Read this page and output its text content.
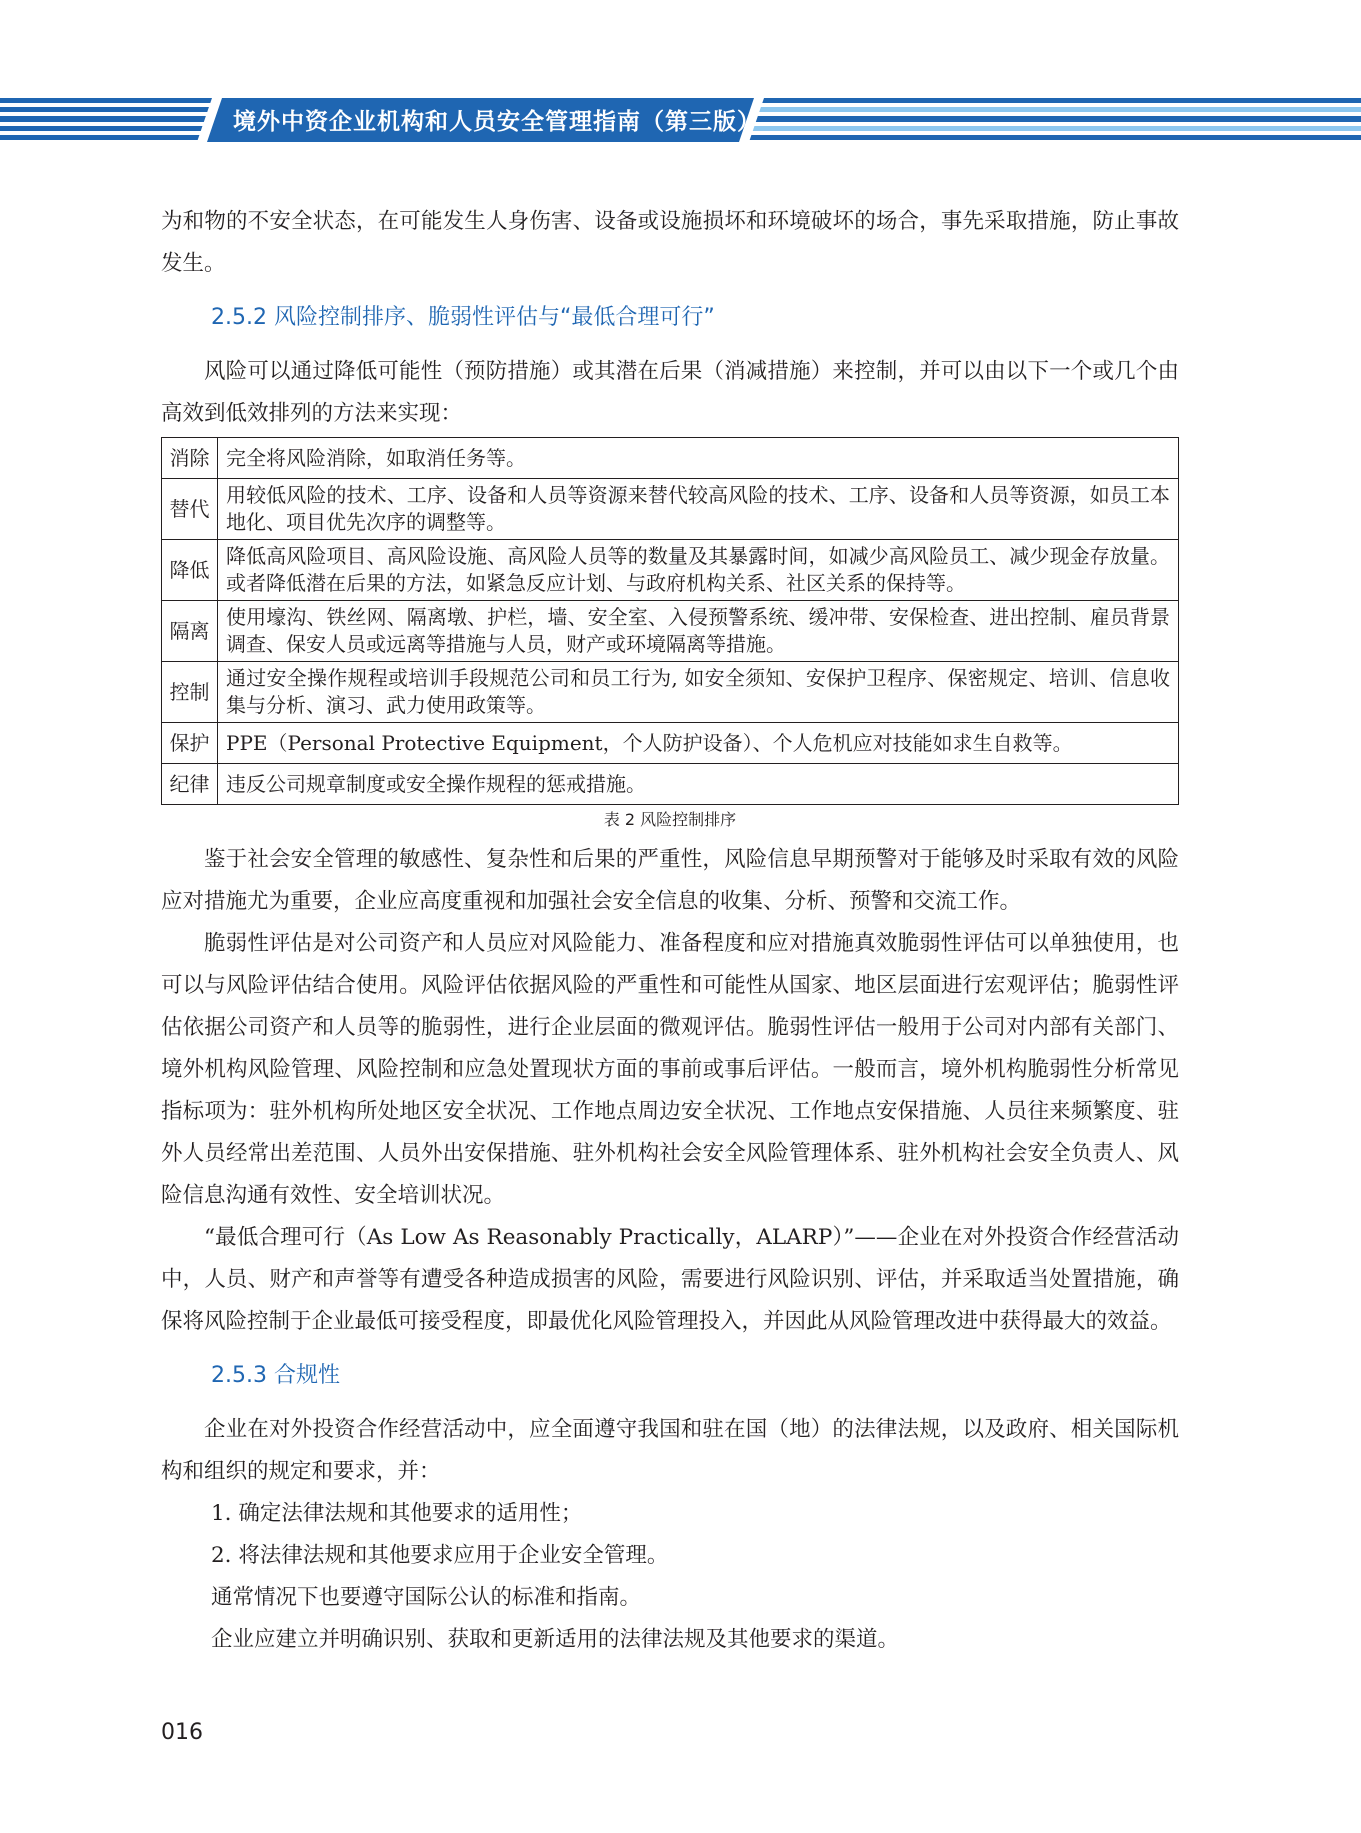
境外中资企业机构和人员安全管理指南（第三版）

为和物的不安全状态，在可能发生人身伤害、设备或设施损坏和环境破坏的场合，事先采取措施，防止事故发生。

2.5.2 风险控制排序、脆弱性评估与“最低合理可行”

风险可以通过降低可能性（预防措施）或其潜在后果（消减措施）来控制，并可以由以下一个或几个由高效到低效排列的方法来实现：

消除	完全将风险消除，如取消任务等。
替代	用较低风险的技术、工序、设备和人员等资源来替代较高风险的技术、工序、设备和人员等资源，如员工本地化、项目优先次序的调整等。
降低	降低高风险项目、高风险设施、高风险人员等的数量及其暴露时间，如减少高风险员工、减少现金存放量。或者降低潜在后果的方法，如紧急反应计划、与政府机构关系、社区关系的保持等。
隔离	使用壕沟、铁丝网、隔离墩、护栏，墙、安全室、入侵预警系统、缓冲带、安保检查、进出控制、雇员背景调查、保安人员或远离等措施与人员，财产或环境隔离等措施。
控制	通过安全操作规程或培训手段规范公司和员工行为, 如安全须知、安保护卫程序、保密规定、培训、信息收集与分析、演习、武力使用政策等。
保护	PPE（Personal Protective Equipment，个人防护设备）、个人危机应对技能如求生自救等。
纪律	违反公司规章制度或安全操作规程的惩戒措施。
表 2 风险控制排序

鉴于社会安全管理的敏感性、复杂性和后果的严重性，风险信息早期预警对于能够及时采取有效的风险应对措施尤为重要，企业应高度重视和加强社会安全信息的收集、分析、预警和交流工作。

脆弱性评估是对公司资产和人员应对风险能力、准备程度和应对措施真效脆弱性评估可以单独使用，也可以与风险评估结合使用。风险评估依据风险的严重性和可能性从国家、地区层面进行宏观评估；脆弱性评估依据公司资产和人员等的脆弱性，进行企业层面的微观评估。脆弱性评估一般用于公司对内部有关部门、境外机构风险管理、风险控制和应急处置现状方面的事前或事后评估。一般而言，境外机构脆弱性分析常见指标项为：驻外机构所处地区安全状况、工作地点周边安全状况、工作地点安保措施、人员往来频繁度、驻外人员经常出差范围、人员外出安保措施、驻外机构社会安全风险管理体系、驻外机构社会安全负责人、风险信息沟通有效性、安全培训状况。

“最低合理可行（As Low As Reasonably Practically，ALARP）”——企业在对外投资合作经营活动中，人员、财产和声誉等有遭受各种造成损害的风险，需要进行风险识别、评估，并采取适当处置措施，确保将风险控制于企业最低可接受程度，即最优化风险管理投入，并因此从风险管理改进中获得最大的效益。

2.5.3 合规性

企业在对外投资合作经营活动中，应全面遵守我国和驻在国（地）的法律法规，以及政府、相关国际机构和组织的规定和要求，并：

1. 确定法律法规和其他要求的适用性；

2. 将法律法规和其他要求应用于企业安全管理。

通常情况下也要遵守国际公认的标准和指南。

企业应建立并明确识别、获取和更新适用的法律法规及其他要求的渠道。

016
